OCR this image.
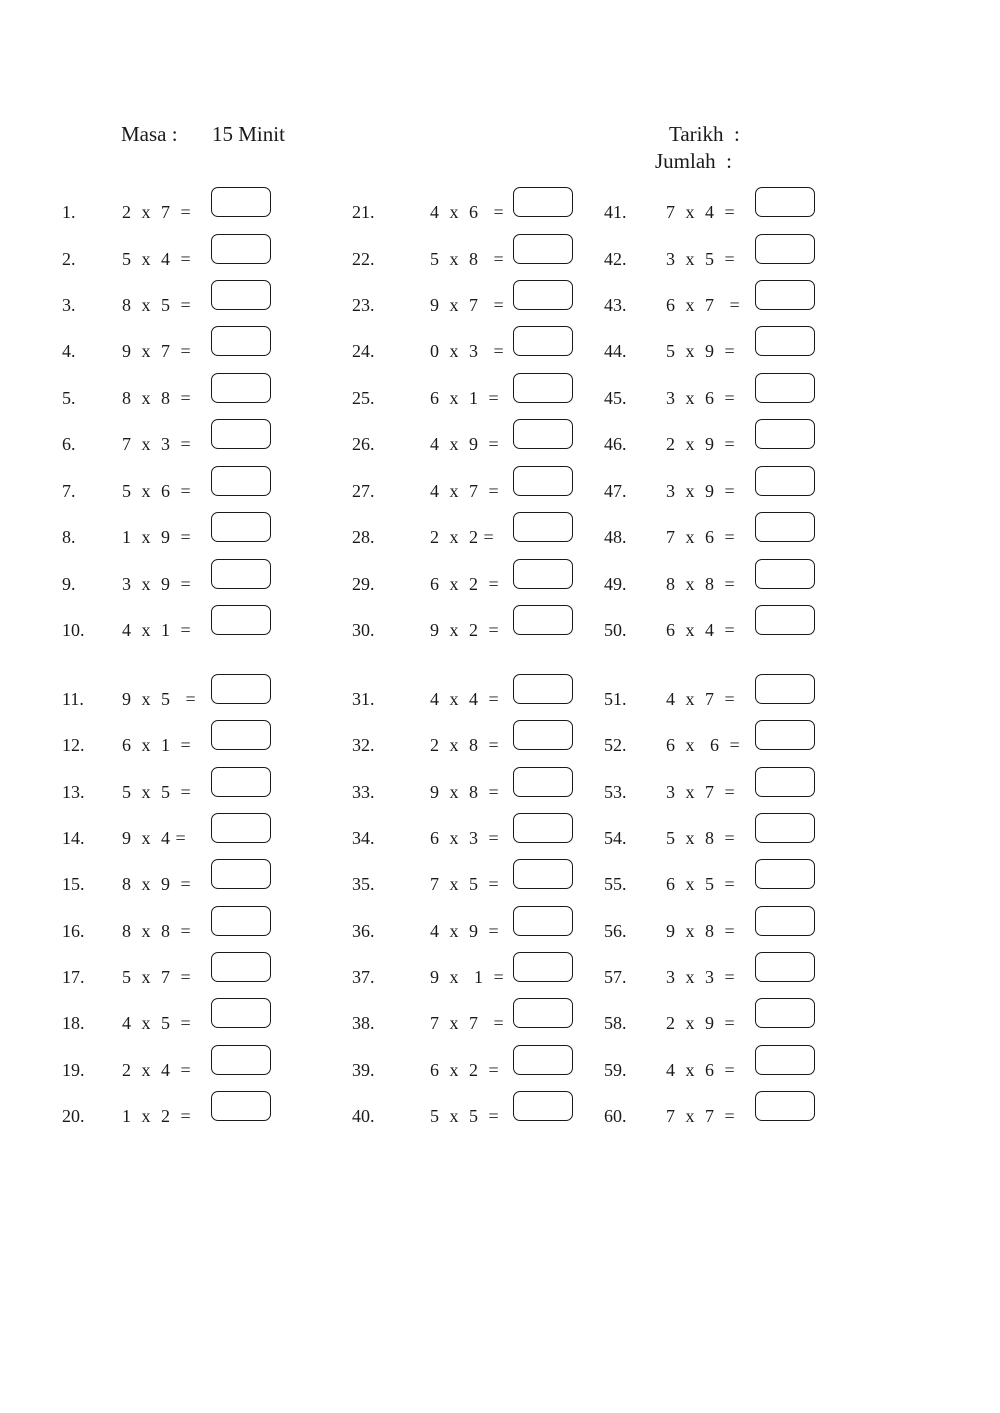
Masa : 15 Minit	Tarikh  :
Jumlah  :
1.	2  x  7  =
2.	5  x  4  =
3.	8  x  5  =
4.	9  x  7  =
5.	8  x  8  =
6.	7  x  3  =
7.	5  x  6  =
8.	1  x  9  =
9.	3  x  9  =
10. 4  x  1  =
11. 9  x  5   =
12. 6  x  1  =
13. 5  x  5  =
14. 9  x  4 =
15. 8  x  9  =
16. 8  x  8  =
17. 5  x  7  =
18. 4  x  5  =
19. 2  x  4  =
20. 1  x  2  =
21.	4  x  6   =
22.	5  x  8   =
23.	9  x  7   =
24.	0  x  3   =
25.	6  x  1  =
26.	4  x  9  =
27.	4  x  7  =
28.	2  x  2 =
29.	6  x  2  =
30.	9  x  2  =
31.	4  x  4  =
32.	2  x  8  =
33.	9  x  8  =
34.	6  x  3  =
35.	7  x  5  =
36.	4  x  9  =
37.	9  x   1  =
38.	7  x  7   =
39.	6  x  2  =
40.	5  x  5  =
41. 7  x  4  =
42. 3  x  5  =
43. 6  x  7   =
44. 5  x  9  =
45. 3  x  6  =
46. 2  x  9  =
47. 3  x  9  =
48. 7  x  6  =
49. 8  x  8  =
50. 6  x  4  =
51. 4  x  7  =
52. 6  x   6  =
53. 3  x  7  =
54. 5  x  8  =
55. 6  x  5  =
56. 9  x  8  =
57. 3  x  3  =
58. 2  x  9  =
59. 4  x  6  =
60. 7  x  7  =
